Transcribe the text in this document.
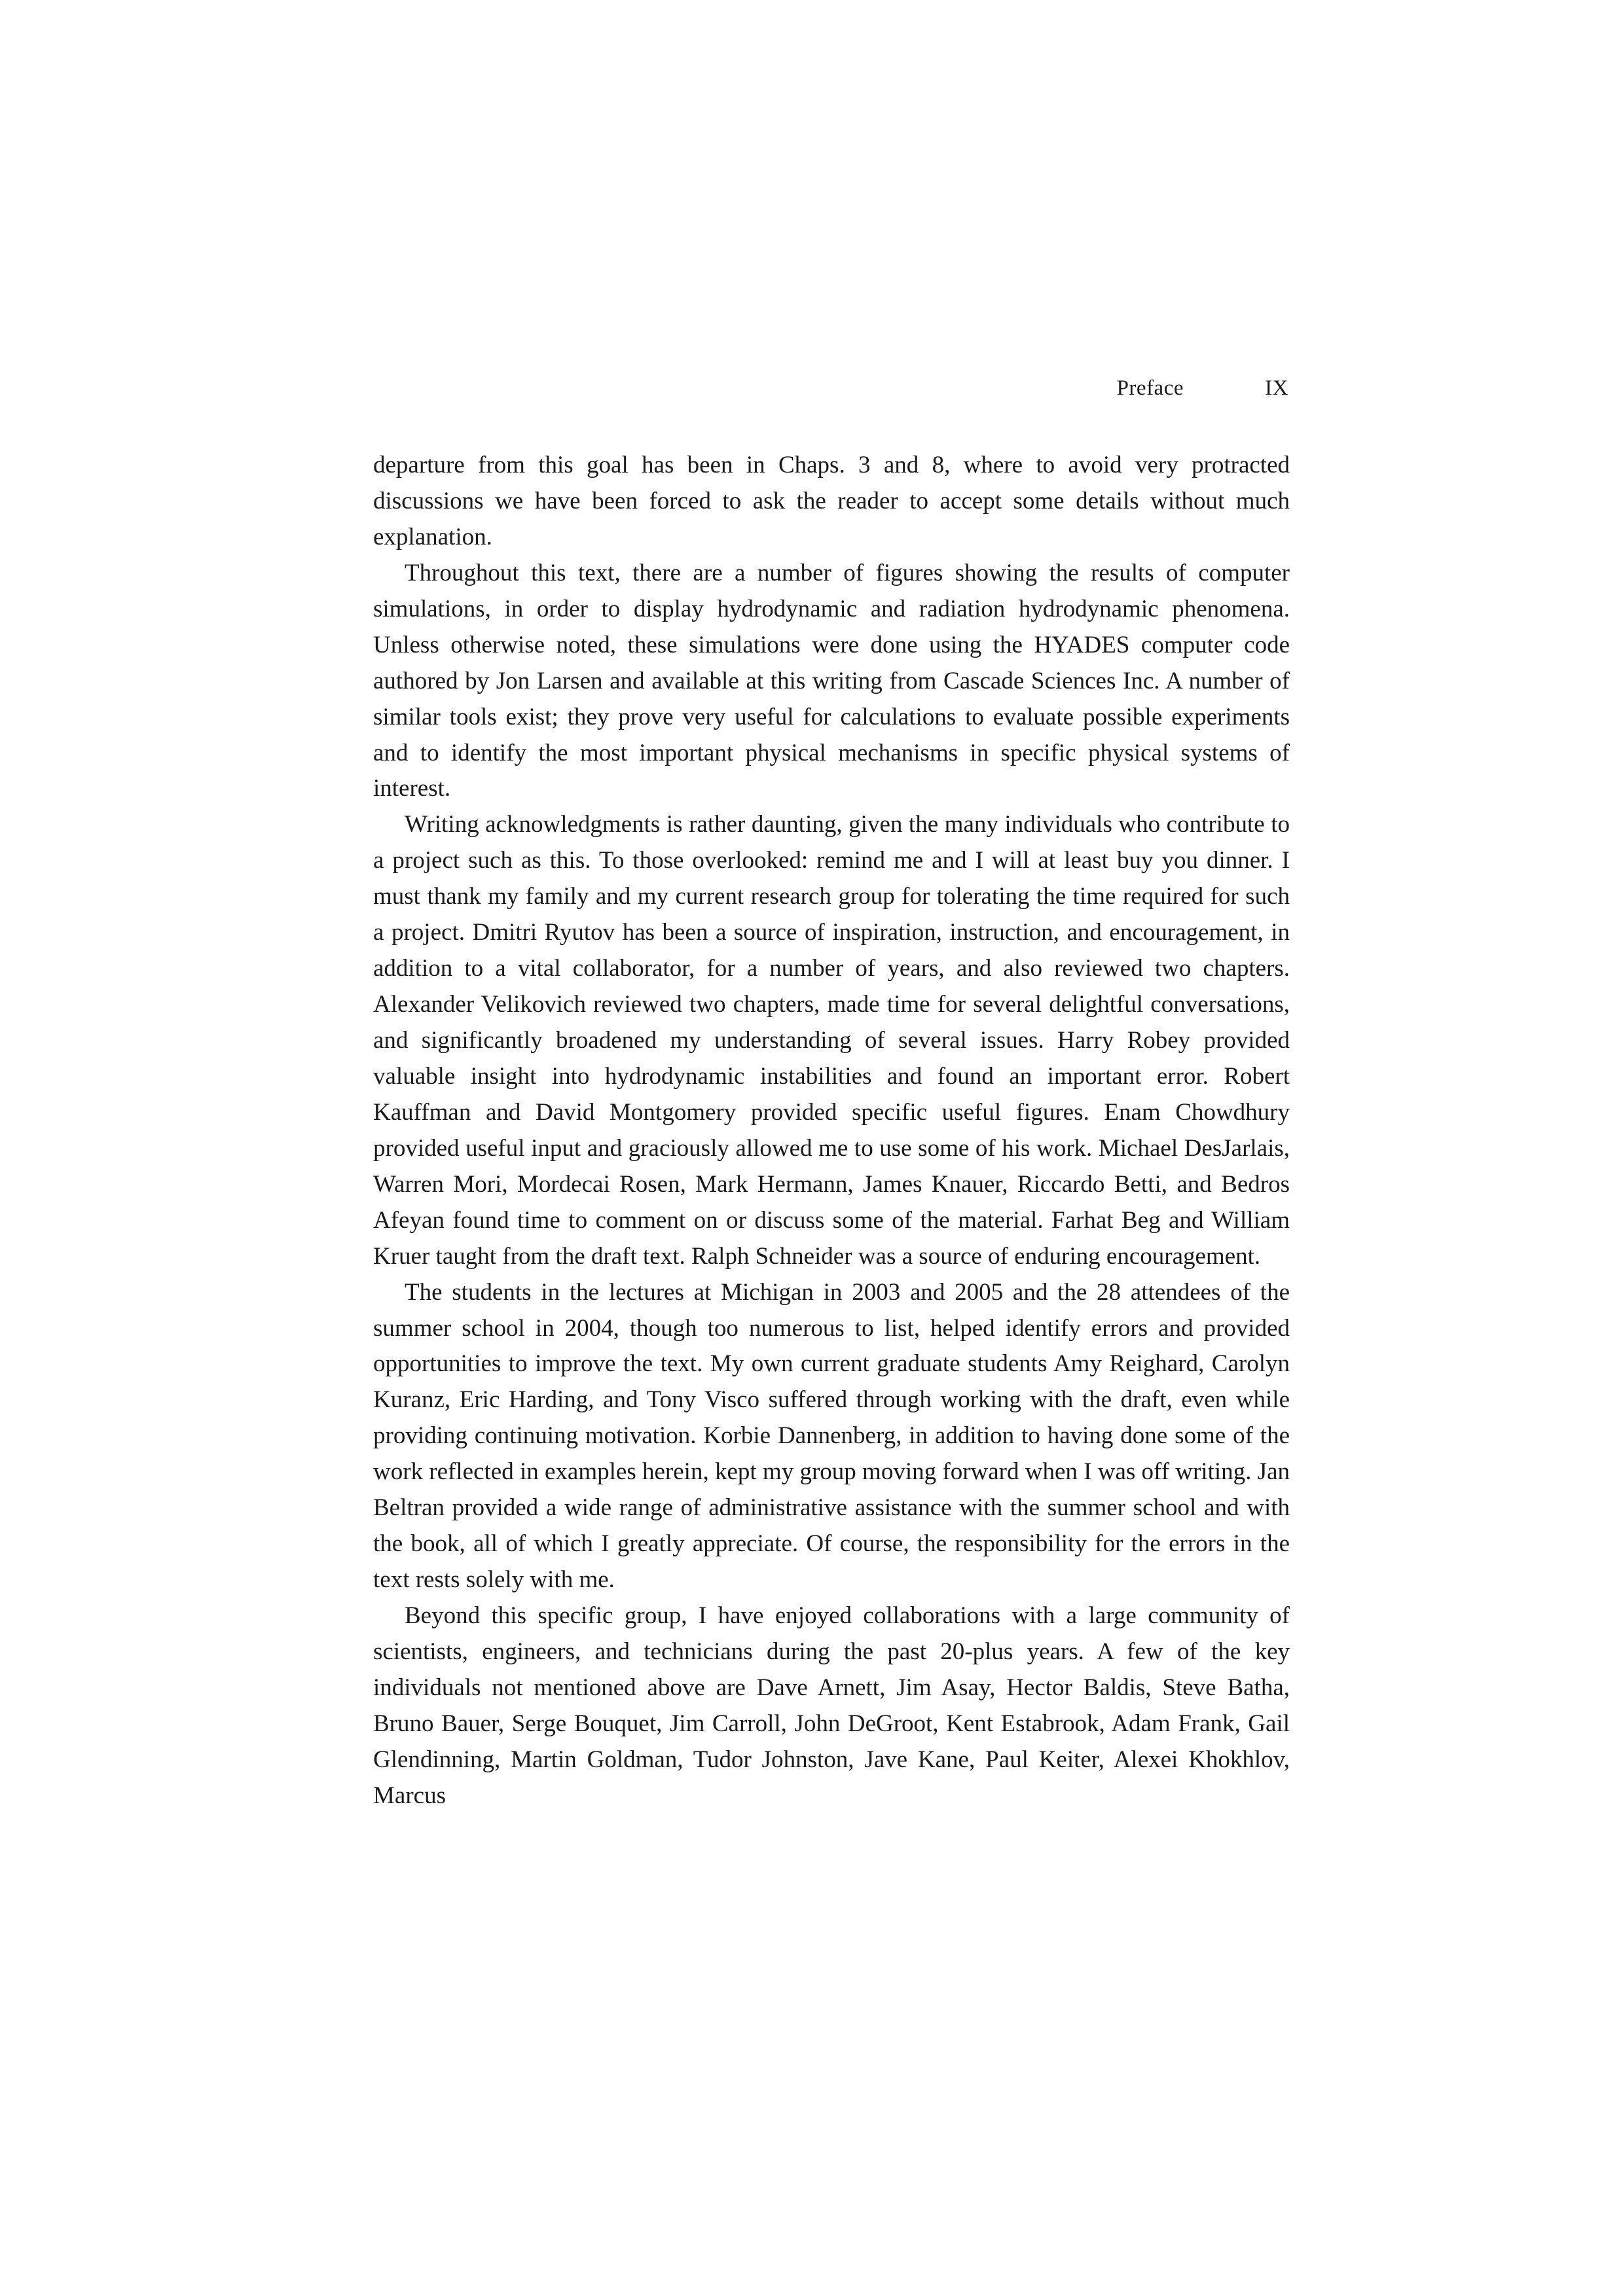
Preface	IX

departure from this goal has been in Chaps. 3 and 8, where to avoid very protracted discussions we have been forced to ask the reader to accept some details without much explanation.

Throughout this text, there are a number of figures showing the results of computer simulations, in order to display hydrodynamic and radiation hydrodynamic phenomena. Unless otherwise noted, these simulations were done using the HYADES computer code authored by Jon Larsen and available at this writing from Cascade Sciences Inc. A number of similar tools exist; they prove very useful for calculations to evaluate possible experiments and to identify the most important physical mechanisms in specific physical systems of interest.

Writing acknowledgments is rather daunting, given the many individuals who contribute to a project such as this. To those overlooked: remind me and I will at least buy you dinner. I must thank my family and my current research group for tolerating the time required for such a project. Dmitri Ryutov has been a source of inspiration, instruction, and encouragement, in addition to a vital collaborator, for a number of years, and also reviewed two chapters. Alexander Velikovich reviewed two chapters, made time for several delightful conversations, and significantly broadened my understanding of several issues. Harry Robey provided valuable insight into hydrodynamic instabilities and found an important error. Robert Kauffman and David Montgomery provided specific useful figures. Enam Chowdhury provided useful input and graciously allowed me to use some of his work. Michael DesJarlais, Warren Mori, Mordecai Rosen, Mark Hermann, James Knauer, Riccardo Betti, and Bedros Afeyan found time to comment on or discuss some of the material. Farhat Beg and William Kruer taught from the draft text. Ralph Schneider was a source of enduring encouragement.

The students in the lectures at Michigan in 2003 and 2005 and the 28 attendees of the summer school in 2004, though too numerous to list, helped identify errors and provided opportunities to improve the text. My own current graduate students Amy Reighard, Carolyn Kuranz, Eric Harding, and Tony Visco suffered through working with the draft, even while providing continuing motivation. Korbie Dannenberg, in addition to having done some of the work reflected in examples herein, kept my group moving forward when I was off writing. Jan Beltran provided a wide range of administrative assistance with the summer school and with the book, all of which I greatly appreciate. Of course, the responsibility for the errors in the text rests solely with me.

Beyond this specific group, I have enjoyed collaborations with a large community of scientists, engineers, and technicians during the past 20-plus years. A few of the key individuals not mentioned above are Dave Arnett, Jim Asay, Hector Baldis, Steve Batha, Bruno Bauer, Serge Bouquet, Jim Carroll, John DeGroot, Kent Estabrook, Adam Frank, Gail Glendinning, Martin Goldman, Tudor Johnston, Jave Kane, Paul Keiter, Alexei Khokhlov, Marcus
